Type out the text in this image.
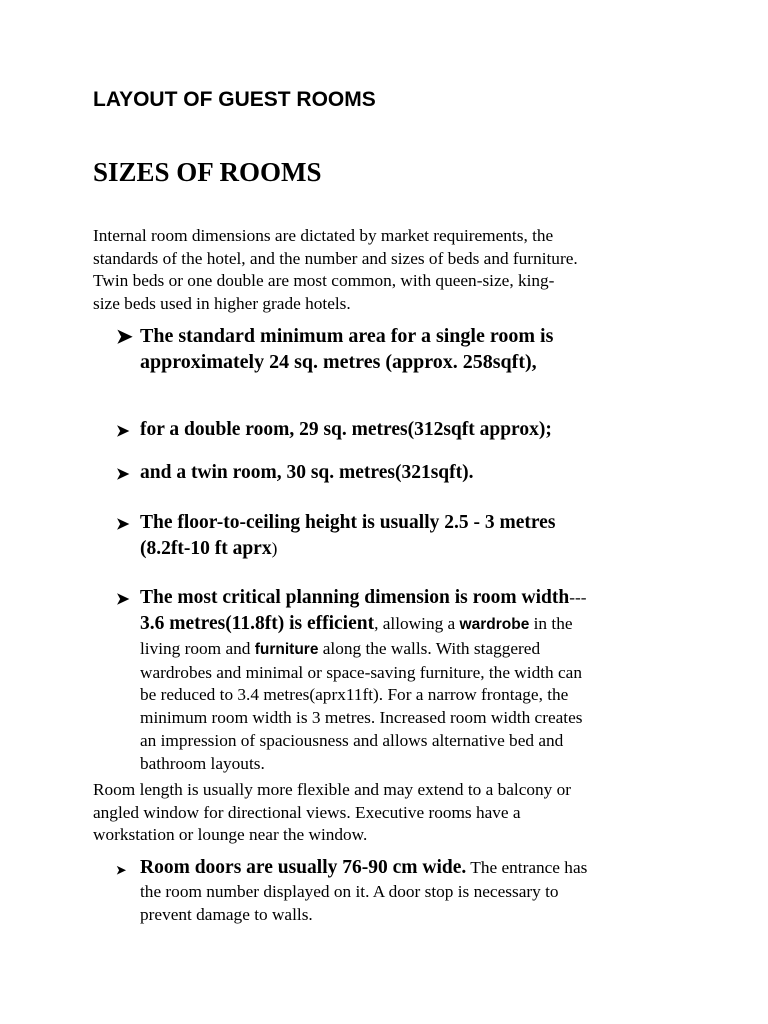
LAYOUT OF GUEST ROOMS
SIZES OF ROOMS
Internal room dimensions are dictated by market requirements, the
standards of the hotel, and the number and sizes of beds and furniture.
Twin beds or one double are most common, with queen-size, king-
size beds used in higher grade hotels.
➤ The standard minimum area for a single room is
approximately 24 sq. metres (approx. 258sqft),
➤ for a double room, 29 sq. metres(312sqft approx);
➤ and a twin room, 30 sq. metres(321sqft).
➤ The floor-to-ceiling height is usually 2.5 - 3 metres
(8.2ft-10 ft aprx)
➤ The most critical planning dimension is room width---
3.6 metres(11.8ft) is efficient, allowing a wardrobe in the
living room and furniture along the walls. With staggered
wardrobes and minimal or space-saving furniture, the width can
be reduced to 3.4 metres(aprx11ft). For a narrow frontage, the
minimum room width is 3 metres. Increased room width creates
an impression of spaciousness and allows alternative bed and
bathroom layouts.
Room length is usually more flexible and may extend to a balcony or
angled window for directional views. Executive rooms have a
workstation or lounge near the window.
➤ Room doors are usually 76-90 cm wide. The entrance has
the room number displayed on it. A door stop is necessary to
prevent damage to walls.
